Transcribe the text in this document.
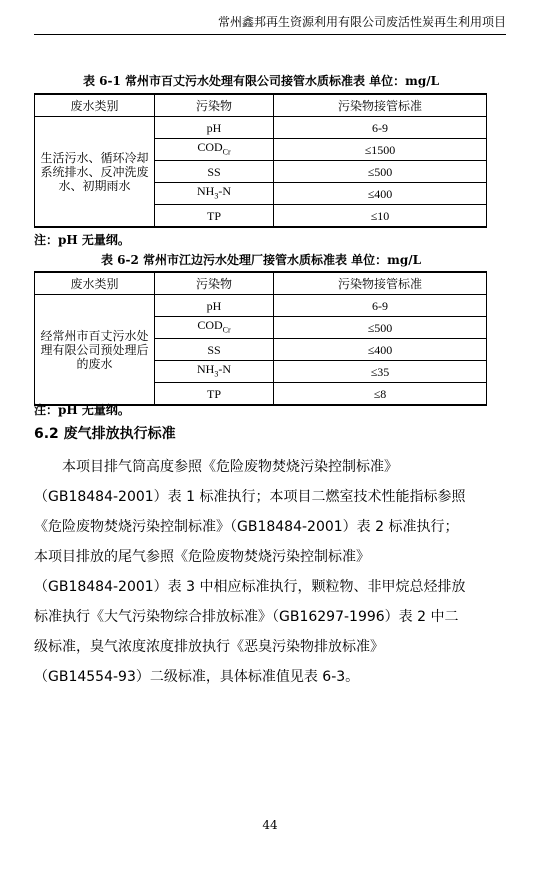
常州鑫邦再生资源利用有限公司废活性炭再生利用项目
表 6-1 常州市百丈污水处理有限公司接管水质标准表 单位：mg/L
废水类别	污染物	污染物接管标准
生活污水、循环冷却系统排水、反冲洗废水、初期雨水	pH	6-9
	$COD_{Cr}$	≤1500
	SS	≤500
	$NH_3-N$	≤400
	TP	≤10
注：pH 无量纲。
表 6-2 常州市江边污水处理厂接管水质标准表 单位：mg/L
废水类别	污染物	污染物接管标准
经常州市百丈污水处理有限公司预处理后的废水	pH	6-9
	$COD_{Cr}$	≤500
	SS	≤400
	$NH_3-N$	≤35
	TP	≤8
注：pH 无量纲。
6.2 废气排放执行标准
本项目排气筒高度参照《危险废物焚烧污染控制标准》
（GB18484-2001）表 1 标准执行；本项目二燃室技术性能指标参照
《危险废物焚烧污染控制标准》（GB18484-2001）表 2 标准执行；
本项目排放的尾气参照《危险废物焚烧污染控制标准》
（GB18484-2001）表 3 中相应标准执行，颗粒物、非甲烷总烃排放
标准执行《大气污染物综合排放标准》（GB16297-1996）表 2 中二
级标准，臭气浓度浓度排放执行《恶臭污染物排放标准》
（GB14554-93）二级标准，具体标准值见表 6-3。
44
